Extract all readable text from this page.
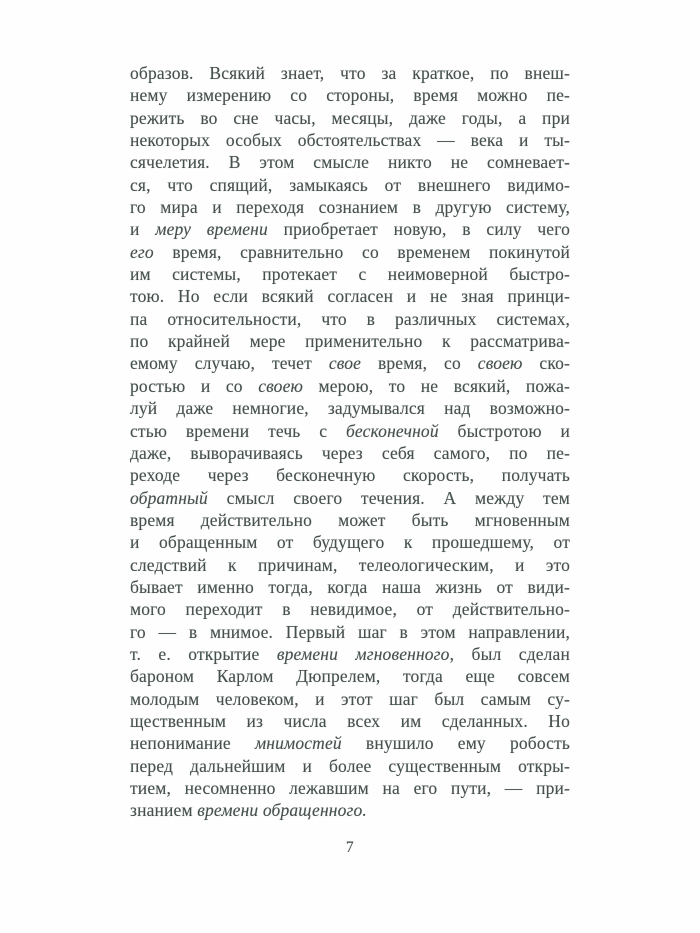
образов. Всякий знает, что за краткое, по внеш-
нему измерению со стороны, время можно пе-
режить во сне часы, месяцы, даже годы, а при
некоторых особых обстоятельствах — века и ты-
сячелетия. В этом смысле никто не сомневает-
ся, что спящий, замыкаясь от внешнего видимо-
го мира и переходя сознанием в другую систему,
и меру времени приобретает новую, в силу чего
его время, сравнительно со временем покинутой
им системы, протекает с неимоверной быстро-
тою. Но если всякий согласен и не зная принци-
па относительности, что в различных системах,
по крайней мере применительно к рассматрива-
емому случаю, течет свое время, со своею ско-
ростью и со своею мерою, то не всякий, пожа-
луй даже немногие, задумывался над возможно-
стью времени течь с бесконечной быстротою и
даже, выворачиваясь через себя самого, по пе-
реходе через бесконечную скорость, получать
обратный смысл своего течения. А между тем
время действительно может быть мгновенным
и обращенным от будущего к прошедшему, от
следствий к причинам, телеологическим, и это
бывает именно тогда, когда наша жизнь от види-
мого переходит в невидимое, от действительно-
го — в мнимое. Первый шаг в этом направлении,
т. е. открытие времени мгновенного, был сделан
бароном Карлом Дюпрелем, тогда еще совсем
молодым человеком, и этот шаг был самым су-
щественным из числа всех им сделанных. Но
непонимание мнимостей внушило ему робость
перед дальнейшим и более существенным откры-
тием, несомненно лежавшим на его пути, — при-
знанием времени обращенного.
7
